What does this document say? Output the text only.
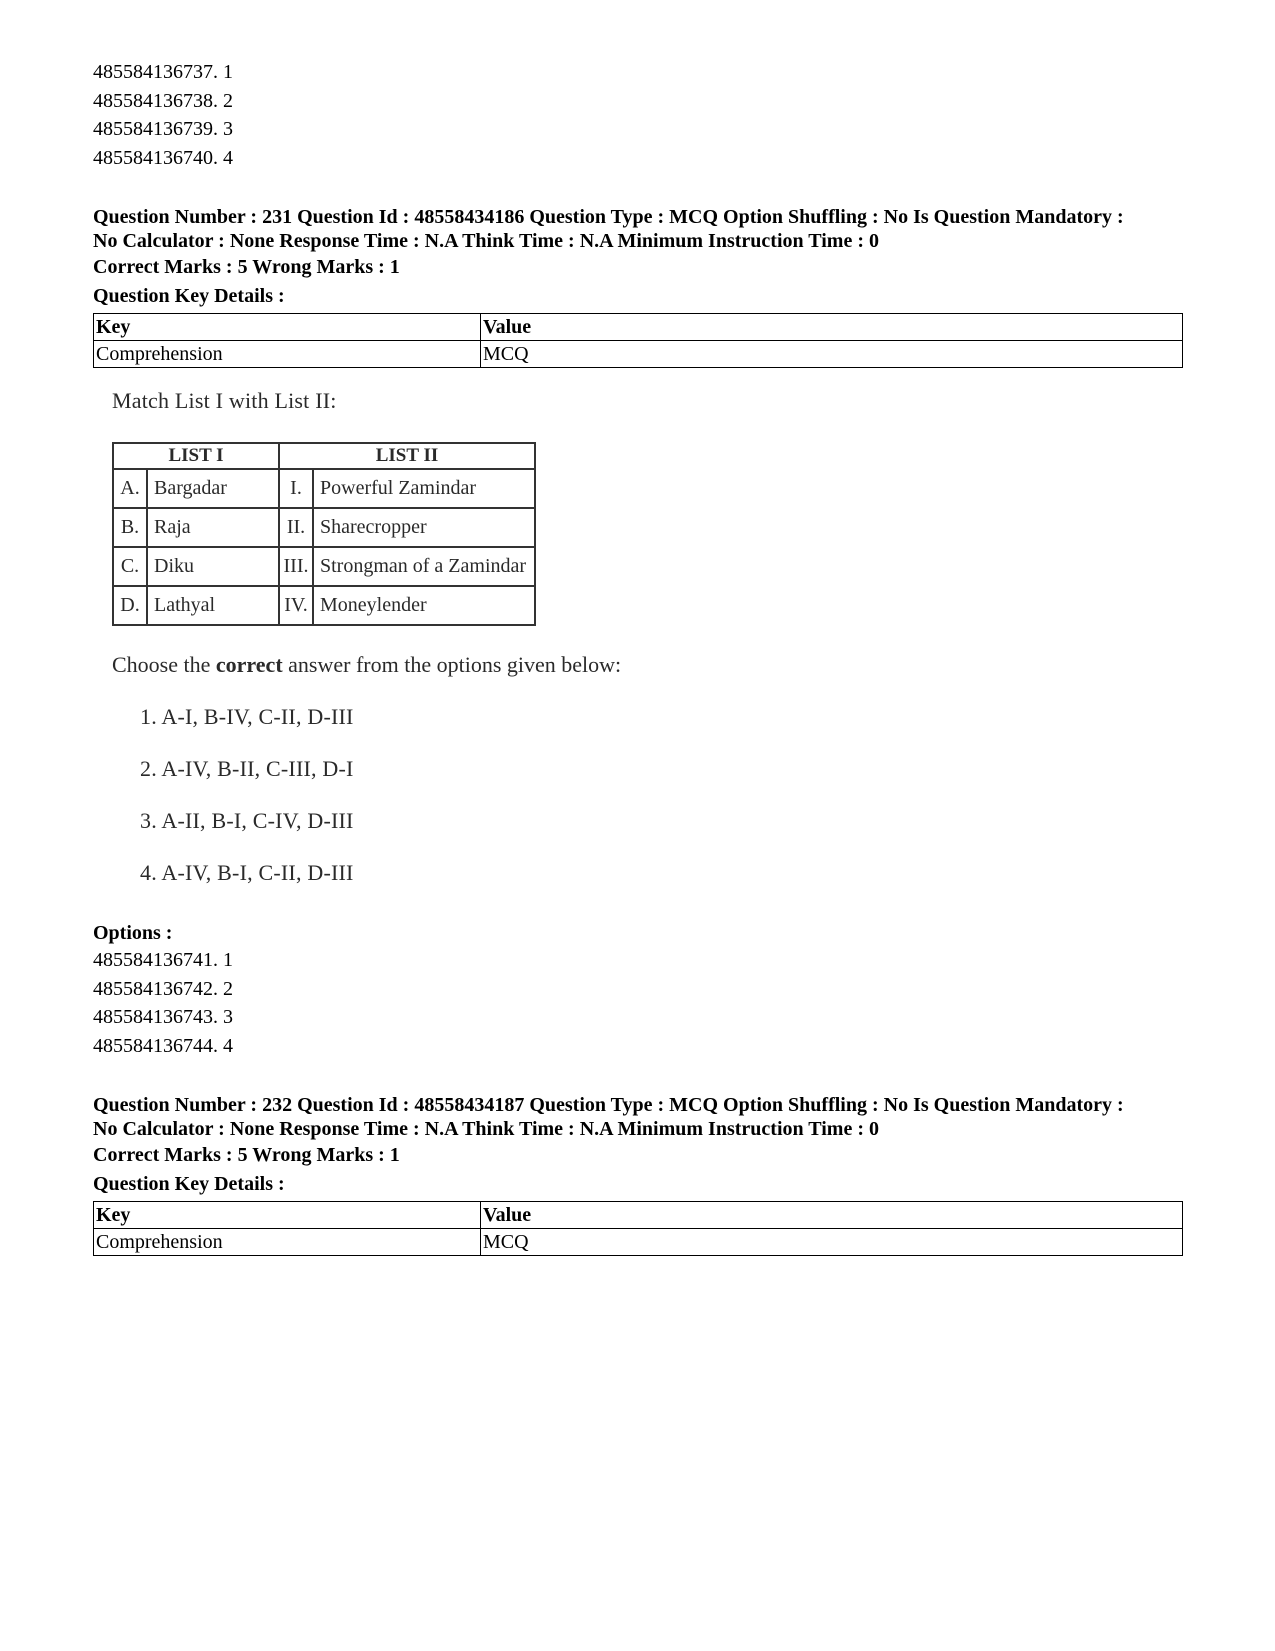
485584136737. 1
485584136738. 2
485584136739. 3
485584136740. 4
Question Number : 231 Question Id : 48558434186 Question Type : MCQ Option Shuffling : No Is Question Mandatory :
No Calculator : None Response Time : N.A Think Time : N.A Minimum Instruction Time : 0
Correct Marks : 5 Wrong Marks : 1
Question Key Details :
Key	Value
Comprehension	MCQ
Match List I with List II:
LIST I		LIST II	
A.	Bargadar	I.	Powerful Zamindar
B.	Raja	II.	Sharecropper
C.	Diku	III.	Strongman of a Zamindar
D.	Lathyal	IV.	Moneylender
Choose the correct answer from the options given below:
1. A-I, B-IV, C-II, D-III
2. A-IV, B-II, C-III, D-I
3. A-II, B-I, C-IV, D-III
4. A-IV, B-I, C-II, D-III
Options :
485584136741. 1
485584136742. 2
485584136743. 3
485584136744. 4
Question Number : 232 Question Id : 48558434187 Question Type : MCQ Option Shuffling : No Is Question Mandatory :
No Calculator : None Response Time : N.A Think Time : N.A Minimum Instruction Time : 0
Correct Marks : 5 Wrong Marks : 1
Question Key Details :
Key	Value
Comprehension	MCQ
